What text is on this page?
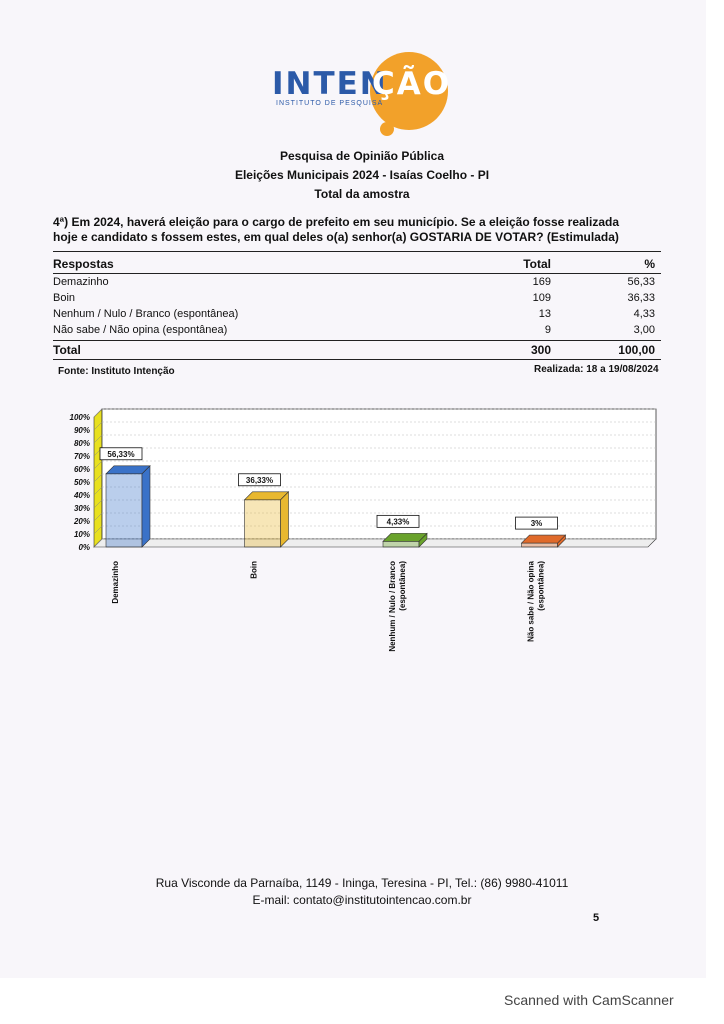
INTEN
ÇÃO
INSTITUTO DE PESQUISA
Pesquisa de Opinião Pública
Eleições Municipais 2024 - Isaías Coelho - PI
Total da amostra
4ª) Em 2024, haverá eleição para o cargo de prefeito em seu município. Se a eleição fosse realizada
hoje e candidato s fossem estes, em qual deles o(a) senhor(a) GOSTARIA DE VOTAR? (Estimulada)
Respostas	Total	%
Demazinho	169	56,33
Boin	109	36,33
Nenhum / Nulo / Branco (espontânea)	13	4,33
Não sabe / Não opina (espontânea)	9	3,00
Total	300	100,00
Fonte: Instituto Intenção	Realizada: 18 a 19/08/2024
0%
10%
20%
30%
40%
50%
60%
70%
80%
90%
100%
56,33%
Demazinho
36,33%
Boin
4,33%
Nenhum / Nulo / Branco (espontânea)
3%
Não sabe / Não opina (espontânea)
Rua Visconde da Parnaíba, 1149 - Ininga, Teresina - PI, Tel.: (86) 9980-41011
E-mail: contato@institutointencao.com.br
5
Scanned with CamScanner
